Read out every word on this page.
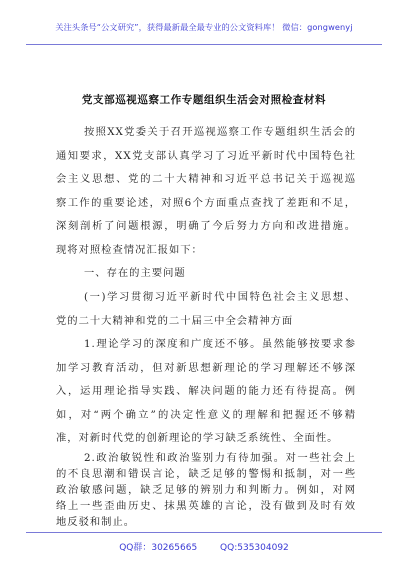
关注头条号“公文研究”，获得最新最全最专业的公文资料库！ 微信：gongwenyj
党支部巡视巡察工作专题组织生活会对照检查材料
按照XX党委关于召开巡视巡察工作专题组织生活会的
通知要求，XX党支部认真学习了习近平新时代中国特色社
会主义思想、党的二十大精神和习近平总书记关于巡视巡
察工作的重要论述，对照6个方面重点查找了差距和不足，
深刻剖析了问题根源，明确了今后努力方向和改进措施。
现将对照检查情况汇报如下：
一、存在的主要问题
(一)学习贯彻习近平新时代中国特色社会主义思想、
党的二十大精神和党的二十届三中全会精神方面
1.理论学习的深度和广度还不够。虽然能够按要求参
加学习教育活动，但对新思想新理论的学习理解还不够深
入，运用理论指导实践、解决问题的能力还有待提高。例
如，对“两个确立”的决定性意义的理解和把握还不够精
准，对新时代党的创新理论的学习缺乏系统性、全面性。
2.政治敏锐性和政治鉴别力有待加强。对一些社会上
的不良思潮和错误言论，缺乏足够的警惕和抵制，对一些
政治敏感问题，缺乏足够的辨别力和判断力。例如，对网
络上一些歪曲历史、抹黑英雄的言论，没有做到及时有效
地反驳和制止。
QQ群：30265665	QQ:535304092
